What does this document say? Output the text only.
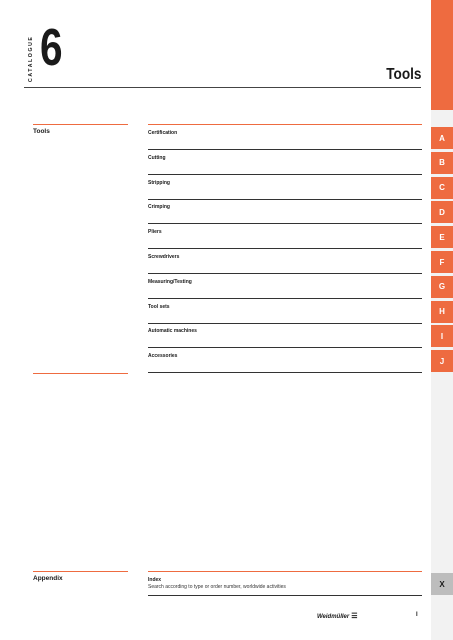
CATALOGUE 6	Tools
Tools	Certification
A
Cutting
B
Stripping
C
Crimping
D
Pliers
E
Screwdrivers
F
Measuring/Testing
G
Tool sets
H
Automatic machines
I
Accessories
J
Appendix	Index
Search according to type or order number, worldwide activities	X
Weidmüller ☰	I
